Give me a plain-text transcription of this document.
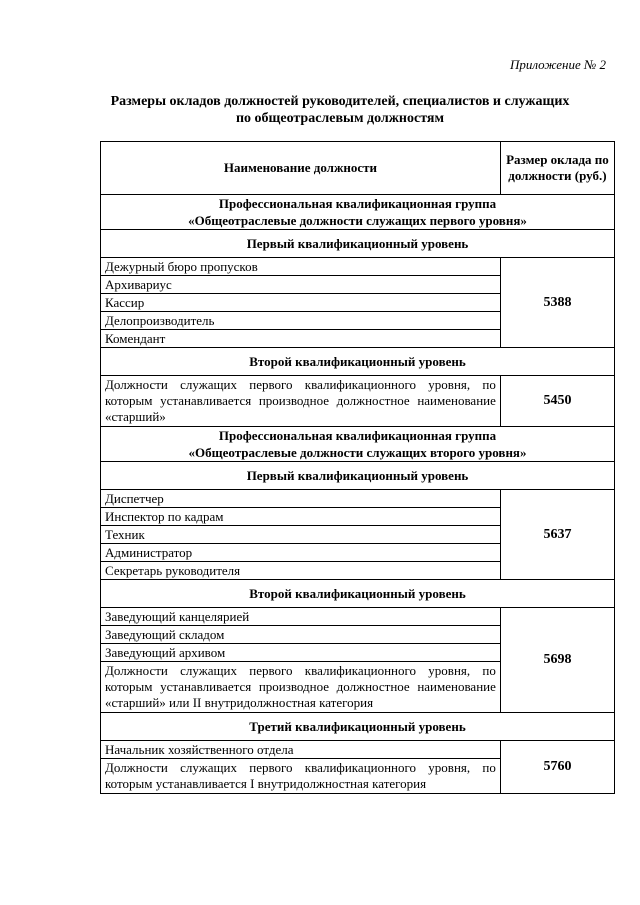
Приложение № 2
Размеры окладов должностей руководителей, специалистов и служащих
по общеотраслевым должностям
Наименование должности	Размер оклада по должности (руб.)

Профессиональная квалификационная группа
«Общеотраслевые должности служащих первого уровня»	

Первый квалификационный уровень	
Дежурный бюро пропусков	5388
Архивариус	
Кассир	
Делопроизводитель	
Комендант	
Второй квалификационный уровень	
Должности служащих первого квалификационного уровня, по которым устанавливается производное должностное наименование «старший»	5450

Профессиональная квалификационная группа
«Общеотраслевые должности служащих второго уровня»	

Первый квалификационный уровень	
Диспетчер	5637
Инспектор по кадрам	
Техник	
Администратор	
Секретарь руководителя	
Второй квалификационный уровень	
Заведующий канцелярией	5698
Заведующий складом	
Заведующий архивом	
Должности служащих первого квалификационного уровня, по которым устанавливается производное должностное наименование «старший» или II внутридолжностная категория	
Третий квалификационный уровень	
Начальник хозяйственного отдела	5760
Должности служащих первого квалификационного уровня, по которым устанавливается I внутридолжностная категория	
